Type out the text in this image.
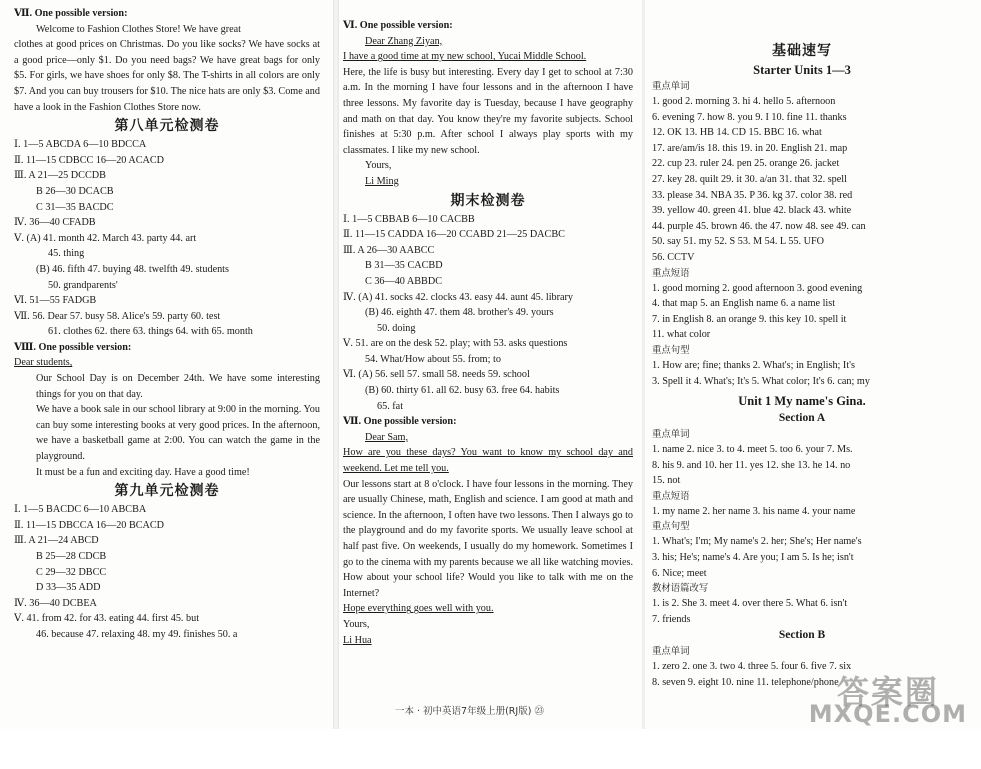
Ⅶ. One possible version:
Welcome to Fashion Clothes Store! We have great
clothes at good prices on Christmas. Do you like socks? We have socks at a good price—only $1. Do you need bags? We have great bags for only $5. For girls, we have shoes for only $8. The T-shirts in all colors are only $7. And you can buy trousers for $10. The nice hats are only $3. Come and have a look in the Fashion Clothes Store now.
第八单元检测卷
Ⅰ. 1—5 ABCDA 6—10 BDCCA
Ⅱ. 11—15 CDBCC 16—20 ACACD
Ⅲ. A 21—25 DCCDB
B 26—30 DCACB
C 31—35 BACDC
Ⅳ. 36—40 CFADB
Ⅴ. (A) 41. month 42. March 43. party 44. art
45. thing
(B) 46. fifth 47. buying 48. twelfth 49. students
50. grandparents'
Ⅵ. 51—55 FADGB
Ⅶ. 56. Dear 57. busy 58. Alice's 59. party 60. test
61. clothes 62. there 63. things 64. with 65. month
Ⅷ. One possible version:
Dear students,
Our School Day is on December 24th. We have some interesting things for you on that day.
We have a book sale in our school library at 9:00 in the morning. You can buy some interesting books at very good prices. In the afternoon, we have a basketball game at 2:00. You can watch the game in the playground.
It must be a fun and exciting day. Have a good time!
第九单元检测卷
Ⅰ. 1—5 BACDC 6—10 ABCBA
Ⅱ. 11—15 DBCCA 16—20 BCACD
Ⅲ. A 21—24 ABCD
B 25—28 CDCB
C 29—32 DBCC
D 33—35 ADD
Ⅳ. 36—40 DCBEA
Ⅴ. 41. from 42. for 43. eating 44. first 45. but
46. because 47. relaxing 48. my 49. finishes 50. a
Ⅵ. One possible version:
Dear Zhang Ziyan,
I have a good time at my new school, Yucai Middle School.
Here, the life is busy but interesting. Every day I get to school at 7:30 a.m. In the morning I have four lessons and in the afternoon I have three lessons. My favorite day is Tuesday, because I have geography and math on that day. You know they're my favorite subjects. School finishes at 5:30 p.m. After school I always play sports with my classmates. I like my new school.
Yours,
Li Ming
期末检测卷
Ⅰ. 1—5 CBBAB 6—10 CACBB
Ⅱ. 11—15 CADDA 16—20 CCABD 21—25 DACBC
Ⅲ. A 26—30 AABCC
B 31—35 CACBD
C 36—40 ABBDC
Ⅳ. (A) 41. socks 42. clocks 43. easy 44. aunt 45. library
(B) 46. eighth 47. them 48. brother's 49. yours
50. doing
Ⅴ. 51. are on the desk 52. play; with 53. asks questions
54. What/How about 55. from; to
Ⅵ. (A) 56. sell 57. small 58. needs 59. school
(B) 60. thirty 61. all 62. busy 63. free 64. habits
65. fat
Ⅶ. One possible version:
Dear Sam,
How are you these days? You want to know my school day and weekend. Let me tell you.
Our lessons start at 8 o'clock. I have four lessons in the morning. They are usually Chinese, math, English and science. I am good at math and science. In the afternoon, I often have two lessons. Then I always go to the playground and do my favorite sports. We usually leave school at half past five. On weekends, I usually do my homework. Sometimes I go to the cinema with my parents because we all like watching movies. How about your school life? Would you like to talk with me on the Internet?
Hope everything goes well with you.
Yours,
Li Hua
基础速写
Starter Units 1—3
重点单词
1. good 2. morning 3. hi 4. hello 5. afternoon
6. evening 7. how 8. you 9. I 10. fine 11. thanks
12. OK 13. HB 14. CD 15. BBC 16. what
17. are/am/is 18. this 19. in 20. English 21. map
22. cup 23. ruler 24. pen 25. orange 26. jacket
27. key 28. quilt 29. it 30. a/an 31. that 32. spell
33. please 34. NBA 35. P 36. kg 37. color 38. red
39. yellow 40. green 41. blue 42. black 43. white
44. purple 45. brown 46. the 47. now 48. see 49. can
50. say 51. my 52. S 53. M 54. L 55. UFO
56. CCTV
重点短语
1. good morning 2. good afternoon 3. good evening
4. that map 5. an English name 6. a name list
7. in English 8. an orange 9. this key 10. spell it
11. what color
重点句型
1. How are; fine; thanks 2. What's; in English; It's
3. Spell it 4. What's; It's 5. What color; It's 6. can; my
Unit 1 My name's Gina.
Section A
重点单词
1. name 2. nice 3. to 4. meet 5. too 6. your 7. Ms.
8. his 9. and 10. her 11. yes 12. she 13. he 14. no
15. not
重点短语
1. my name 2. her name 3. his name 4. your name
重点句型
1. What's; I'm; My name's 2. her; She's; Her name's
3. his; He's; name's 4. Are you; I am 5. Is he; isn't
6. Nice; meet
教材语篇改写
1. is 2. She 3. meet 4. over there 5. What 6. isn't
7. friends
Section B
重点单词
1. zero 2. one 3. two 4. three 5. four 6. five 7. six
8. seven 9. eight 10. nine 11. telephone/phone
一本 · 初中英语7年级上册(RJ版) ㉓
答案圈
MXQE.COM
